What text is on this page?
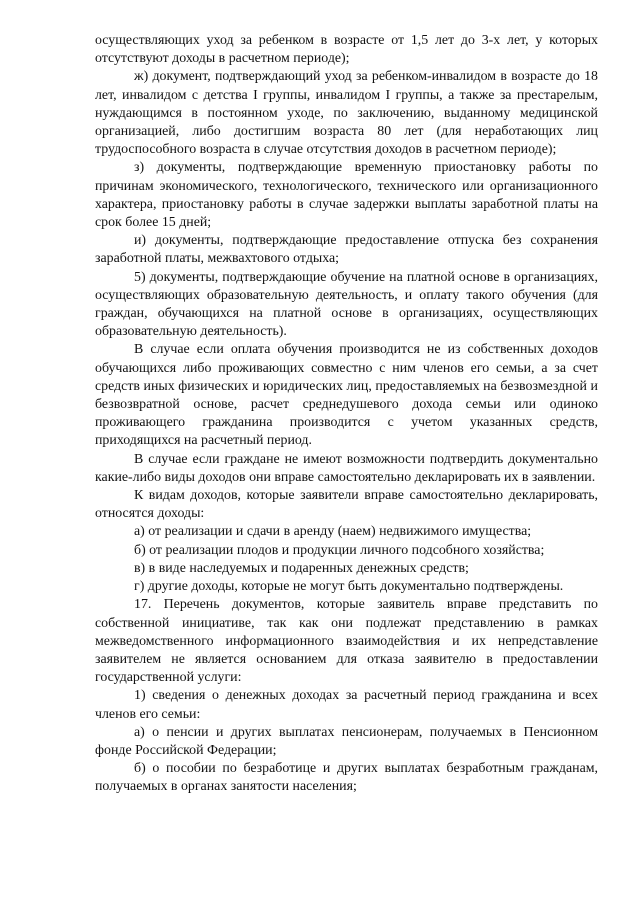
осуществляющих уход за ребенком в возрасте от 1,5 лет до 3-х лет, у которых отсутствуют доходы в расчетном периоде);

ж) документ, подтверждающий уход за ребенком-инвалидом в возрасте до 18 лет, инвалидом с детства I группы, инвалидом I группы, а также за престарелым, нуждающимся в постоянном уходе, по заключению, выданному медицинской организацией, либо достигшим возраста 80 лет (для неработающих лиц трудоспособного возраста в случае отсутствия доходов в расчетном периоде);

з) документы, подтверждающие временную приостановку работы по причинам экономического, технологического, технического или организационного характера, приостановку работы в случае задержки выплаты заработной платы на срок более 15 дней;

и) документы, подтверждающие предоставление отпуска без сохранения заработной платы, межвахтового отдыха;

5) документы, подтверждающие обучение на платной основе в организациях, осуществляющих образовательную деятельность, и оплату такого обучения (для граждан, обучающихся на платной основе в организациях, осуществляющих образовательную деятельность).

В случае если оплата обучения производится не из собственных доходов обучающихся либо проживающих совместно с ним членов его семьи, а за счет средств иных физических и юридических лиц, предоставляемых на безвозмездной и безвозвратной основе, расчет среднедушевого дохода семьи или одиноко проживающего гражданина производится с учетом указанных средств, приходящихся на расчетный период.

В случае если граждане не имеют возможности подтвердить документально какие-либо виды доходов они вправе самостоятельно декларировать их в заявлении.

К видам доходов, которые заявители вправе самостоятельно декларировать, относятся доходы:

а) от реализации и сдачи в аренду (наем) недвижимого имущества;

б) от реализации плодов и продукции личного подсобного хозяйства;

в) в виде наследуемых и подаренных денежных средств;

г) другие доходы, которые не могут быть документально подтверждены.

17. Перечень документов, которые заявитель вправе представить по собственной инициативе, так как они подлежат представлению в рамках межведомственного информационного взаимодействия и их непредставление заявителем не является основанием для отказа заявителю в предоставлении государственной услуги:

1) сведения о денежных доходах за расчетный период гражданина и всех членов его семьи:

а) о пенсии и других выплатах пенсионерам, получаемых в Пенсионном фонде Российской Федерации;

б) о пособии по безработице и других выплатах безработным гражданам, получаемых в органах занятости населения;
